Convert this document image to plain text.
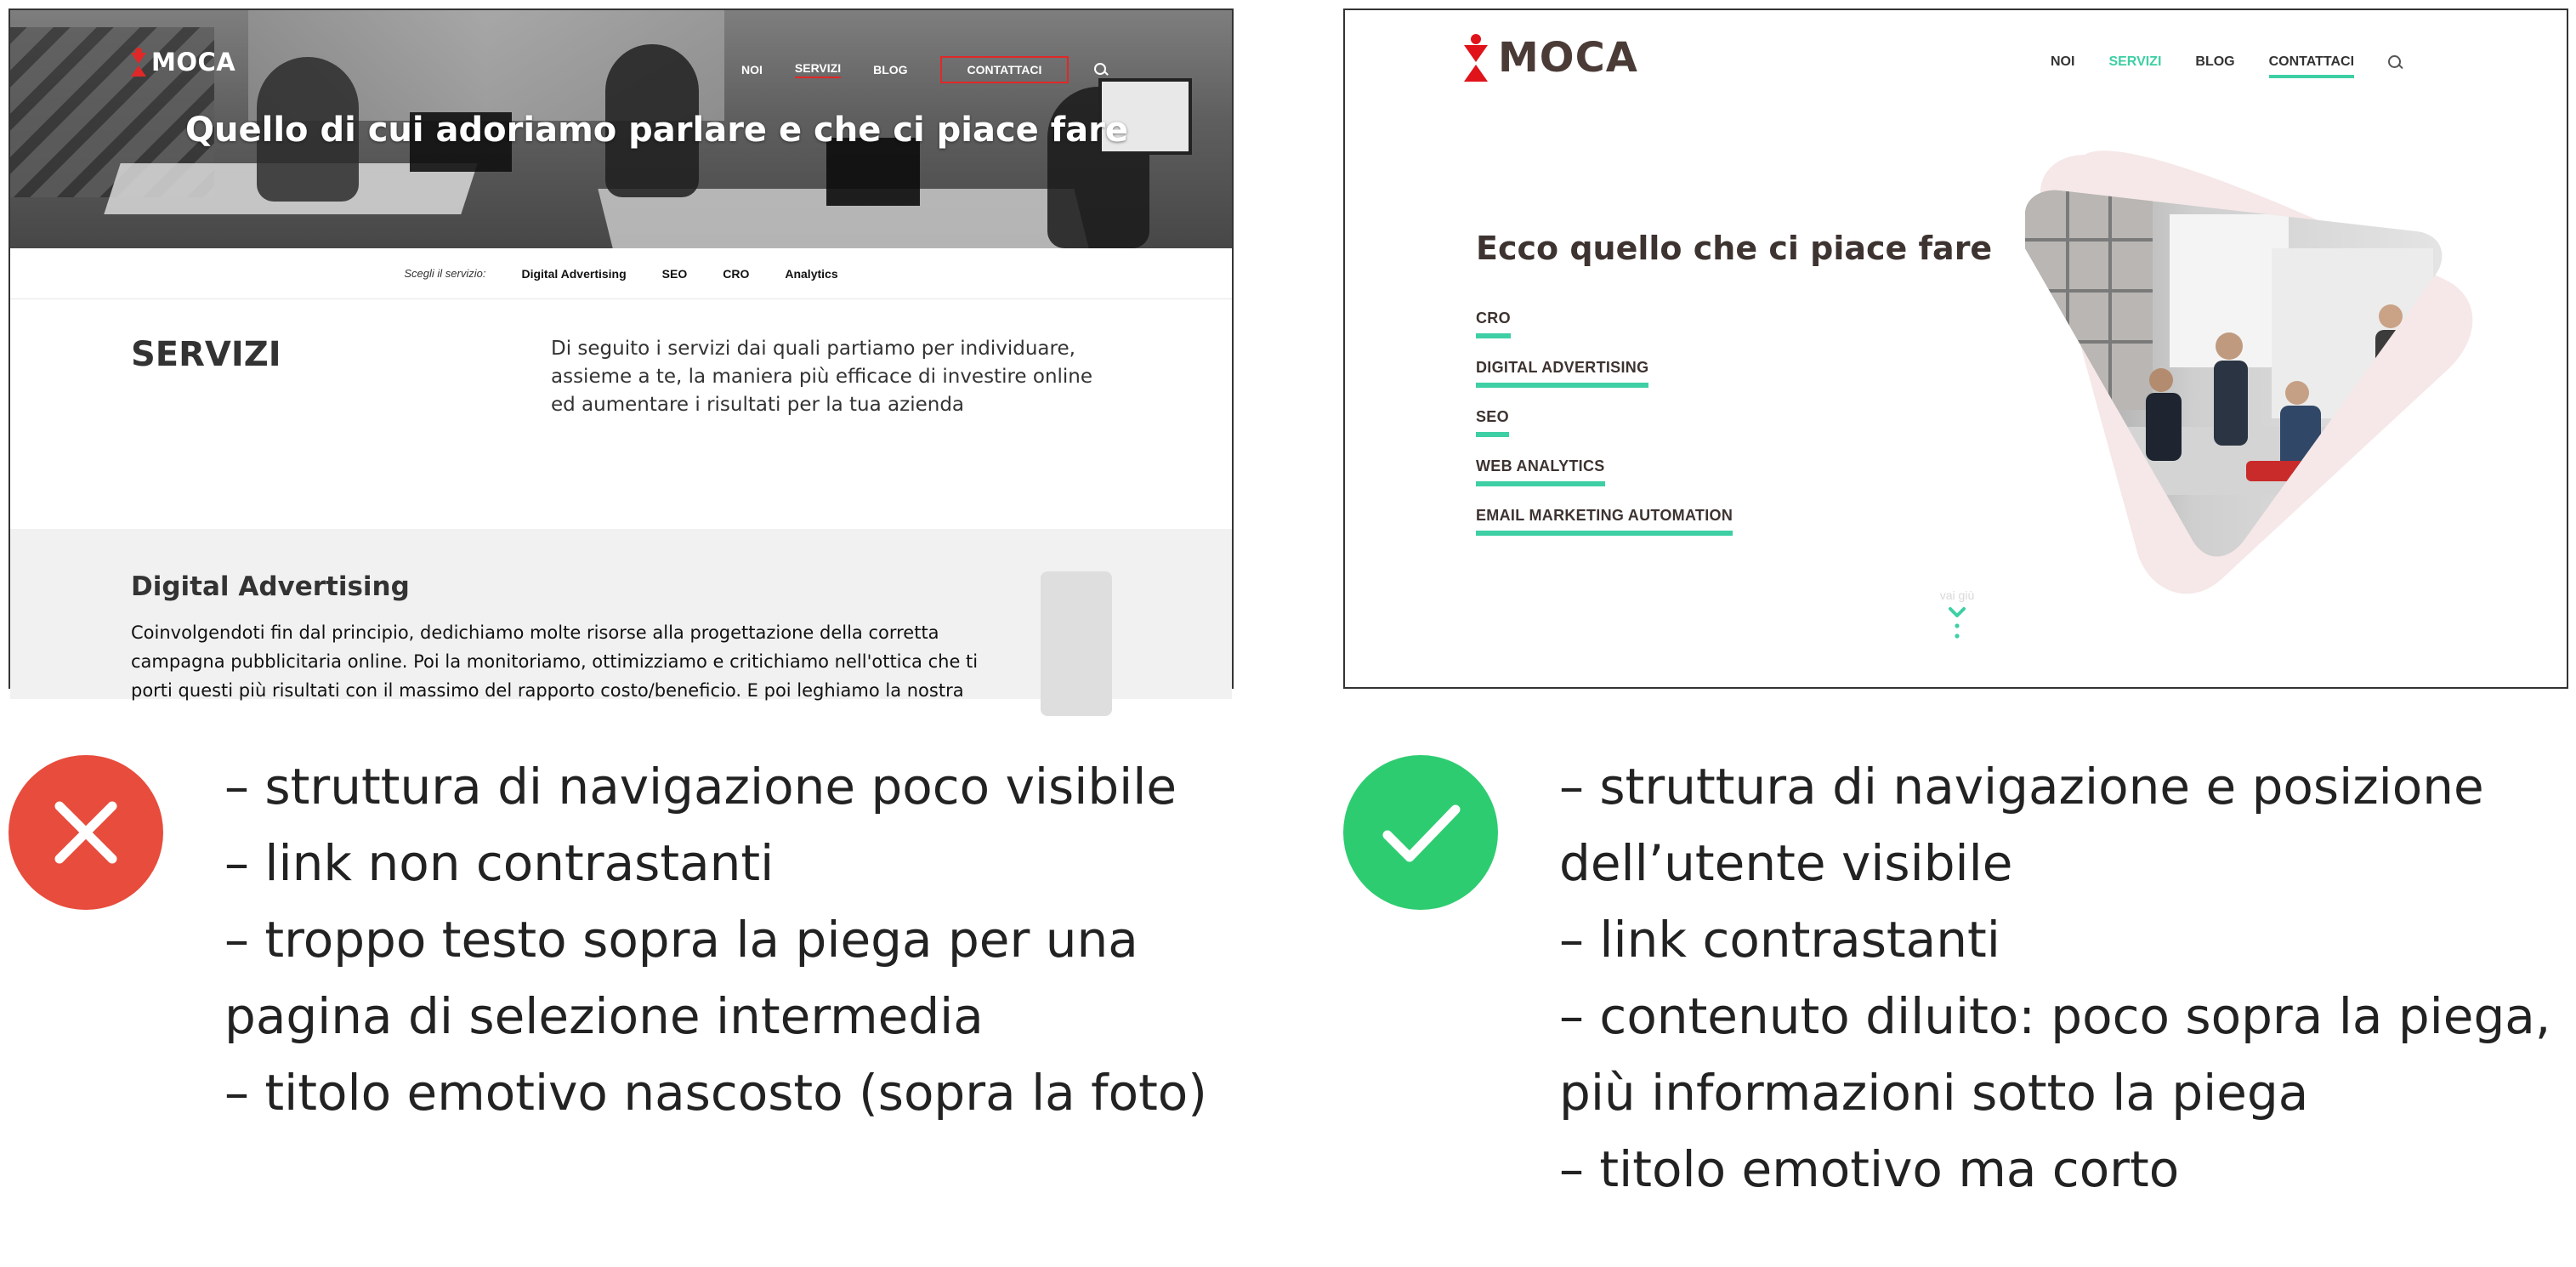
MOCA	NOI	SERVIZI	BLOG	CONTATTACI
Quello di cui adoriamo parlare e che ci piace fare
Scegli il servizio:	Digital Advertising	SEO	CRO	Analytics
SERVIZI	Di seguito i servizi dai quali partiamo per individuare, assieme a te, la maniera più efficace di investire online ed aumentare i risultati per la tua azienda

Digital Advertising

Coinvolgendoti fin dal principio, dedichiamo molte risorse alla progettazione della corretta campagna pubblicitaria online. Poi la monitoriamo, ottimizziamo e critichiamo nell'ottica che ti porti questi più risultati con il massimo del rapporto costo/beneficio. E poi leghiamo la nostra

MOCA	NOI	SERVIZI	BLOG	CONTATTACI
Ecco quello che ci piace fare
CRO
DIGITAL ADVERTISING
SEO
WEB ANALYTICS
EMAIL MARKETING AUTOMATION
vai giù
– struttura di navigazione poco visibile
– link non contrastanti
– troppo testo sopra la piega per una pagina di selezione intermedia
– titolo emotivo nascosto (sopra la foto)
– struttura di navigazione e posizione dell’utente visibile
– link contrastanti
– contenuto diluito: poco sopra la piega, più informazioni sotto la piega
– titolo emotivo ma corto
